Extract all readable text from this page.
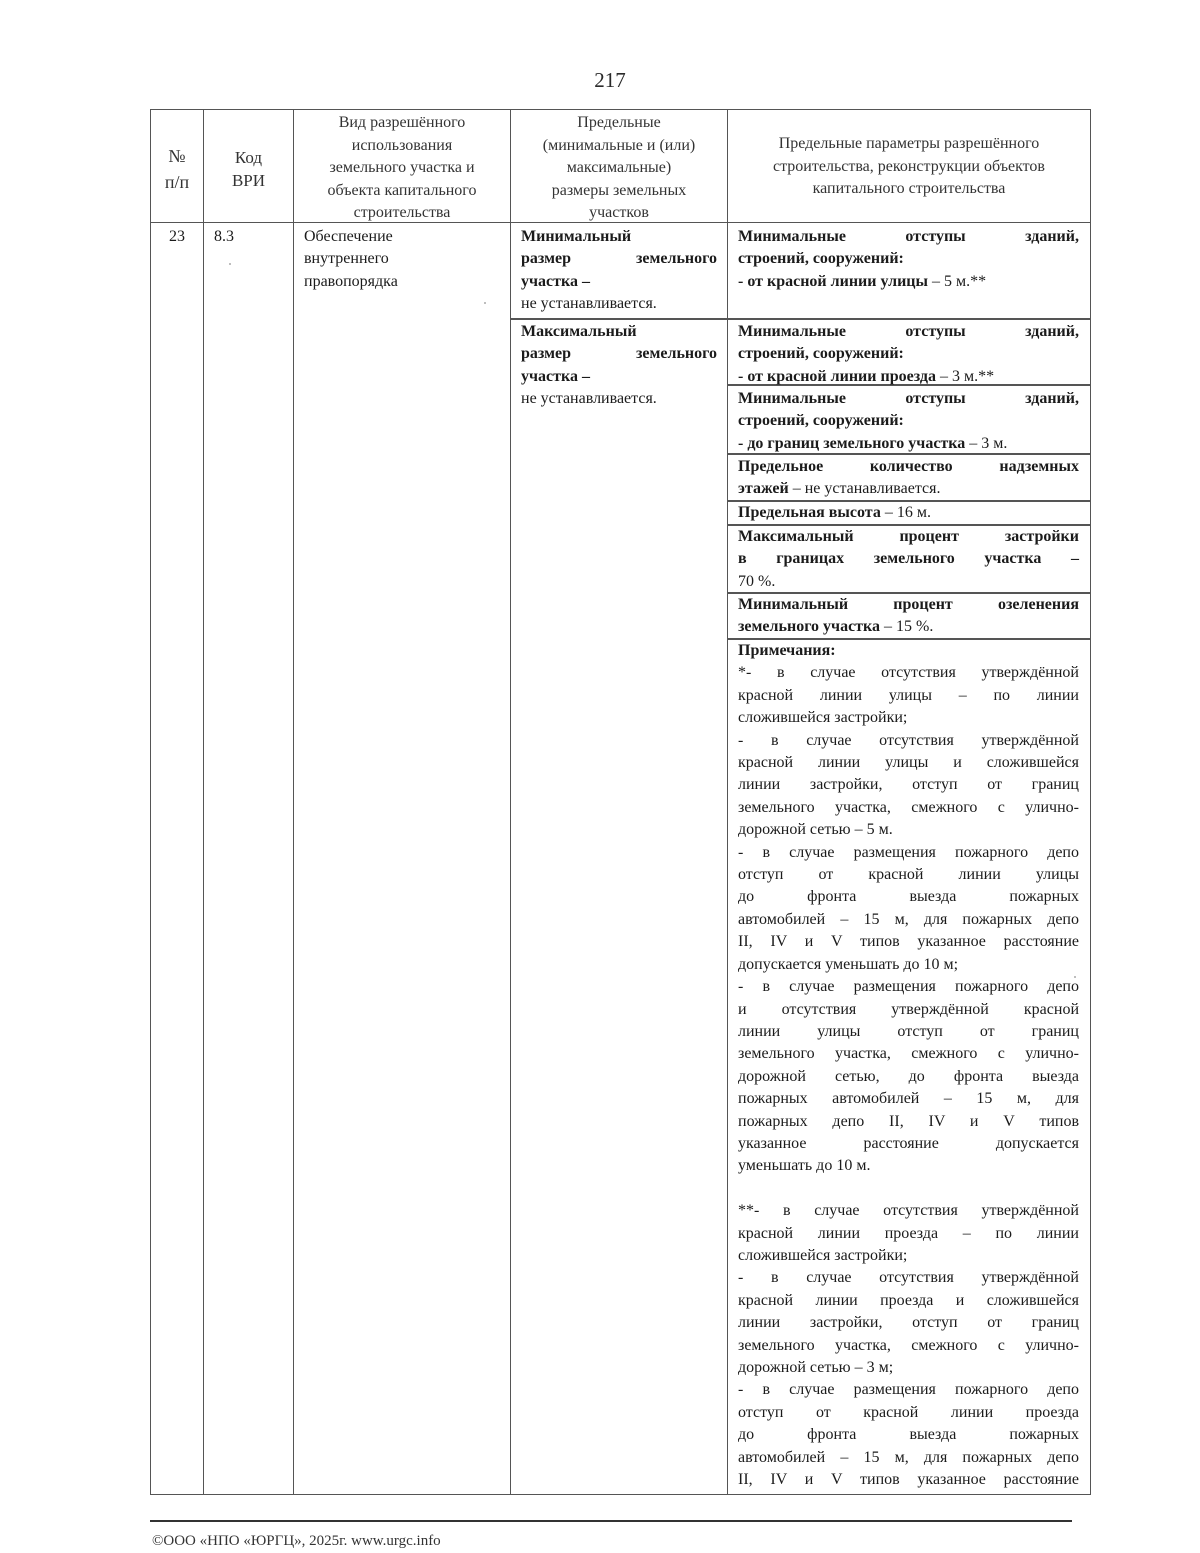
217

№

п/п

Код

ВРИ

Вид разрешённого

использования

земельного участка и

объекта капитального

строительства

Предельные

(минимальные и (или)

максимальные)

размеры земельных

участков

Предельные параметры разрешённого

строительства, реконструкции объектов

капитального строительства

23	8.3	Обеспечение

внутреннего

правопорядка

Минимальный

размер земельного

участка –

не устанавливается.

Максимальный

размер земельного

участка –

не устанавливается.

Минимальные отступы зданий,

строений, сооружений:

- от красной линии улицы – 5 м.**

Минимальные отступы зданий,

строений, сооружений:

- от красной линии проезда – 3 м.**

Минимальные отступы зданий,

строений, сооружений:

- до границ земельного участка – 3 м.

Предельное количество надземных

этажей – не устанавливается.

Предельная высота – 16 м.

Максимальный процент застройки

в границах земельного участка –

70 %.

Минимальный процент озеленения

земельного участка – 15 %.

Примечания:

*- в случае отсутствия утверждённой

красной линии улицы – по линии

сложившейся застройки;

- в случае отсутствия утверждённой

красной линии улицы и сложившейся

линии застройки, отступ от границ

земельного участка, смежного с улично-

дорожной сетью – 5 м.

- в случае размещения пожарного депо

отступ от красной линии улицы

до фронта выезда пожарных

автомобилей – 15 м, для пожарных депо

II, IV и V типов указанное расстояние

допускается уменьшать до 10 м;

- в случае размещения пожарного депо

и отсутствия утверждённой красной

линии улицы отступ от границ

земельного участка, смежного с улично-

дорожной сетью, до фронта выезда

пожарных автомобилей – 15 м, для

пожарных депо II, IV и V типов

указанное расстояние допускается

уменьшать до 10 м.

**- в случае отсутствия утверждённой

красной линии проезда – по линии

сложившейся застройки;

- в случае отсутствия утверждённой

красной линии проезда и сложившейся

линии застройки, отступ от границ

земельного участка, смежного с улично-

дорожной сетью – 3 м;

- в случае размещения пожарного депо

отступ от красной линии проезда

до фронта выезда пожарных

автомобилей – 15 м, для пожарных депо

II, IV и V типов указанное расстояние

©ООО «НПО «ЮРГЦ», 2025г. www.urgc.info
